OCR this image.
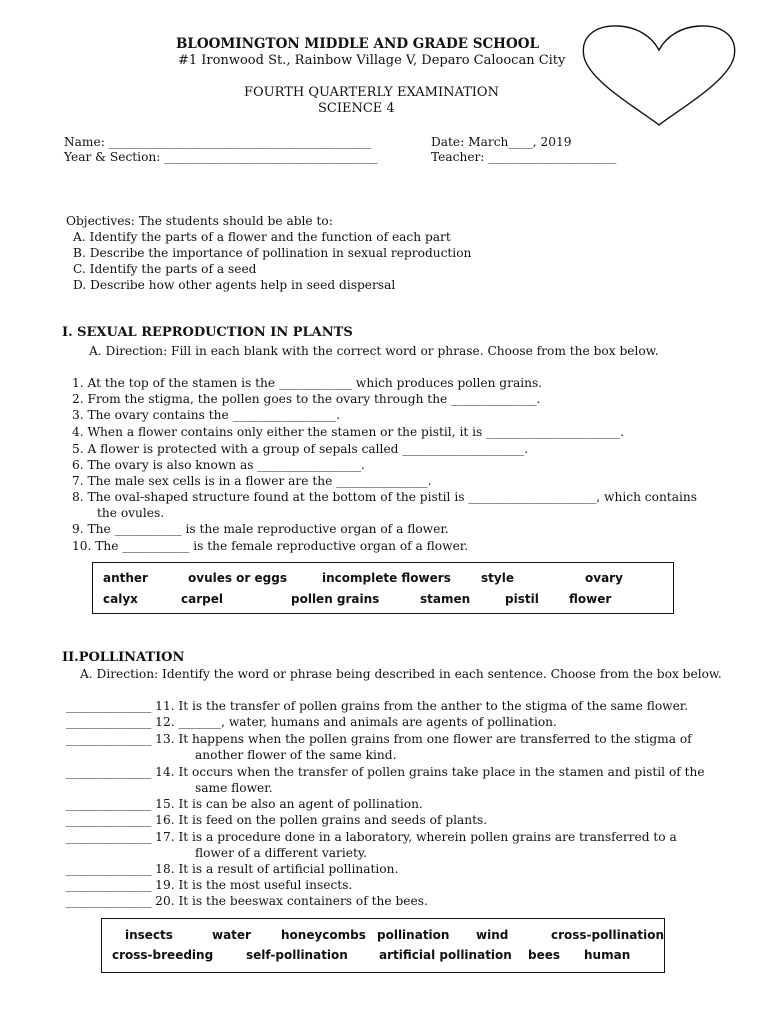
BLOOMINGTON MIDDLE AND GRADE SCHOOL
#1 Ironwood St., Rainbow Village V, Deparo Caloocan City
FOURTH QUARTERLY EXAMINATION
SCIENCE 4
Name: ___________________________________________	Date: March____, 2019
Year & Section: ___________________________________	Teacher: _____________________
Objectives: The students should be able to:
A. Identify the parts of a flower and the function of each part
B. Describe the importance of pollination in sexual reproduction
C. Identify the parts of a seed
D. Describe how other agents help in seed dispersal
I. SEXUAL REPRODUCTION IN PLANTS
A. Direction: Fill in each blank with the correct word or phrase. Choose from the box below.
1. At the top of the stamen is the ____________ which produces pollen grains.
2. From the stigma, the pollen goes to the ovary through the ______________.
3. The ovary contains the _________________.
4. When a flower contains only either the stamen or the pistil, it is ______________________.
5. A flower is protected with a group of sepals called ____________________.
6. The ovary is also known as _________________.
7. The male sex cells is in a flower are the _______________.
8. The oval-shaped structure found at the bottom of the pistil is _____________________, which contains
the ovules.
9. The ___________ is the male reproductive organ of a flower.
10. The ___________ is the female reproductive organ of a flower.
anther	ovules or eggs	incomplete flowers	style	ovary
calyx	carpel	pollen grains	stamen	pistil	flower
II.POLLINATION
A. Direction: Identify the word or phrase being described in each sentence. Choose from the box below.
______________ 11. It is the transfer of pollen grains from the anther to the stigma of the same flower.
______________ 12. _______, water, humans and animals are agents of pollination.
______________ 13. It happens when the pollen grains from one flower are transferred to the stigma of
another flower of the same kind.
______________ 14. It occurs when the transfer of pollen grains take place in the stamen and pistil of the
same flower.
______________ 15. It is can be also an agent of pollination.
______________ 16. It is feed on the pollen grains and seeds of plants.
______________ 17. It is a procedure done in a laboratory, wherein pollen grains are transferred to a
flower of a different variety.
______________ 18. It is a result of artificial pollination.
______________ 19. It is the most useful insects.
______________ 20. It is the beeswax containers of the bees.
insects	water	honeycombs pollination wind	cross-pollination
cross-breeding	self-pollination	artificial pollination bees human
